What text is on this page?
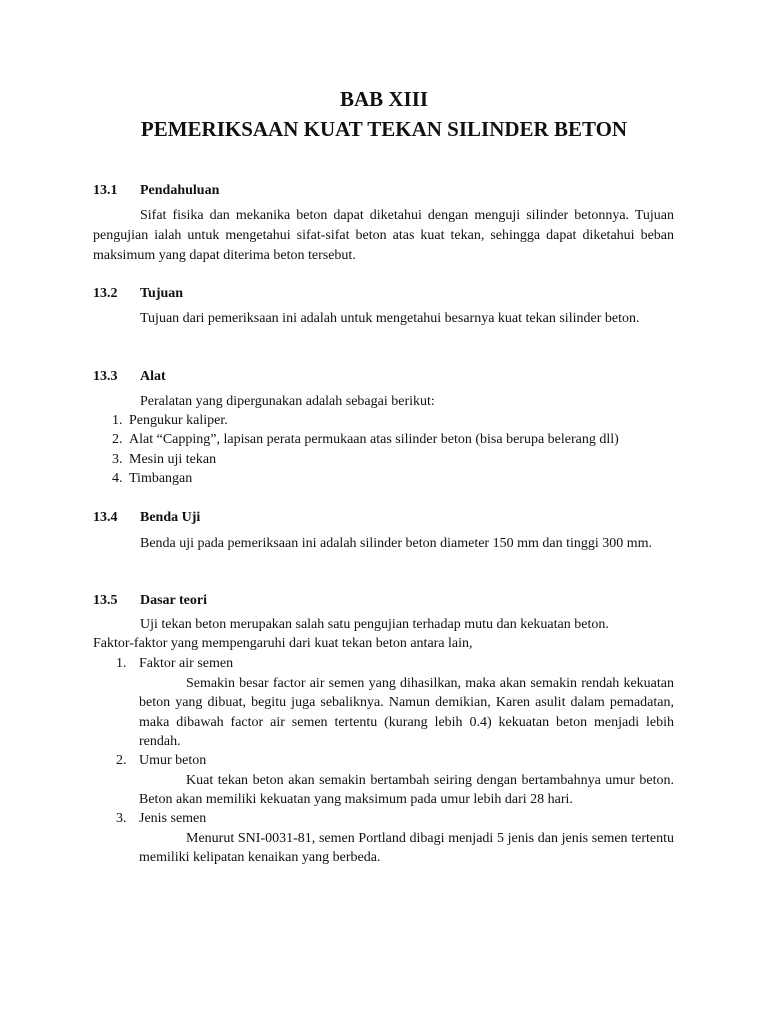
BAB XIII
PEMERIKSAAN KUAT TEKAN SILINDER BETON
13.1 Pendahuluan

Sifat fisika dan mekanika beton dapat diketahui dengan menguji silinder betonnya. Tujuan pengujian ialah untuk mengetahui sifat-sifat beton atas kuat tekan, sehingga dapat diketahui beban maksimum yang dapat diterima beton tersebut.

13.2 Tujuan

Tujuan dari pemeriksaan ini adalah untuk mengetahui besarnya kuat tekan silinder beton.

13.3 Alat

Peralatan yang dipergunakan adalah sebagai berikut:

1. Pengukur kaliper.

2. Alat “Capping”, lapisan perata permukaan atas silinder beton (bisa berupa belerang dll)

3. Mesin uji tekan

4. Timbangan

13.4 Benda Uji

Benda uji pada pemeriksaan ini adalah silinder beton diameter 150 mm dan tinggi 300 mm.

13.5 Dasar teori

Uji tekan beton merupakan salah satu pengujian terhadap mutu dan kekuatan beton.

Faktor-faktor yang mempengaruhi dari kuat tekan beton antara lain,

1. Faktor air semen

Semakin besar factor air semen yang dihasilkan, maka akan semakin rendah kekuatan beton yang dibuat, begitu juga sebaliknya. Namun demikian, Karen asulit dalam pemadatan, maka dibawah factor air semen tertentu (kurang lebih 0.4) kekuatan beton menjadi lebih rendah.

2. Umur beton

Kuat tekan beton akan semakin bertambah seiring dengan bertambahnya umur beton. Beton akan memiliki kekuatan yang maksimum pada umur lebih dari 28 hari.

3. Jenis semen

Menurut SNI-0031-81, semen Portland dibagi menjadi 5 jenis dan jenis semen tertentu memiliki kelipatan kenaikan yang berbeda.
